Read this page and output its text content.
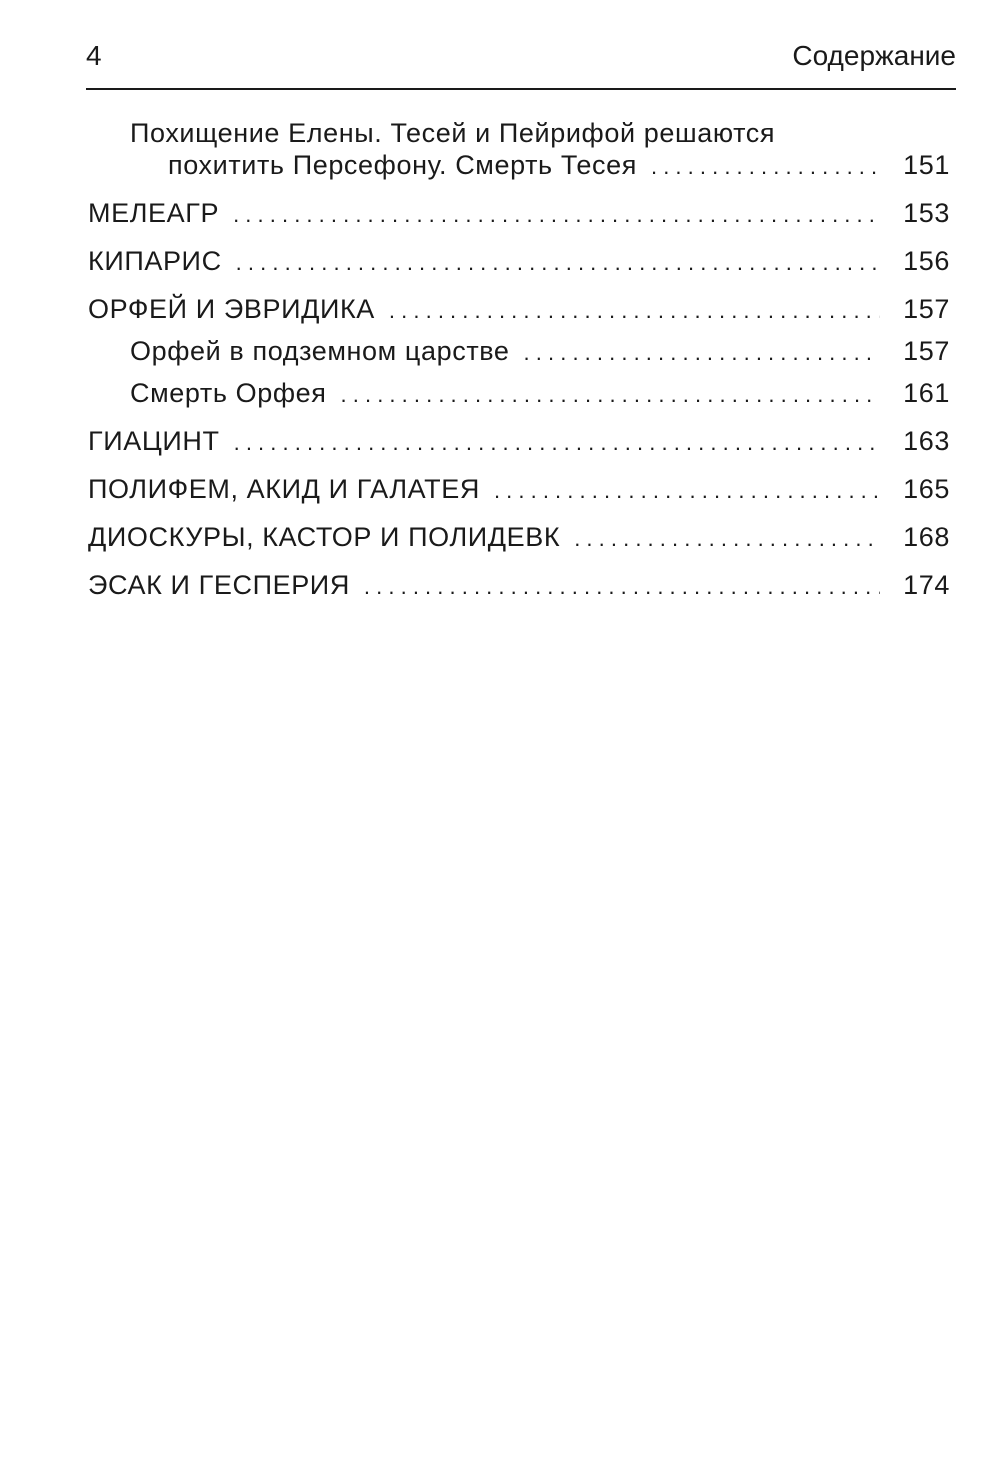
4	Содержание
Похищение Елены. Тесей и Пейрифой решаются
похитить Персефону. Смерть Тесея . . .	151
МЕЛЕАГР . . .	153
КИПАРИС . . .	156
ОРФЕЙ И ЭВРИДИКА . . .	157
Орфей в подземном царстве . . .	157
Смерть Орфея . . .	161
ГИАЦИНТ . . .	163
ПОЛИФЕМ, АКИД И ГАЛАТЕЯ . . .	165
ДИОСКУРЫ, КАСТОР И ПОЛИДЕВК . . .	168
ЭСАК И ГЕСПЕРИЯ . . .	174
